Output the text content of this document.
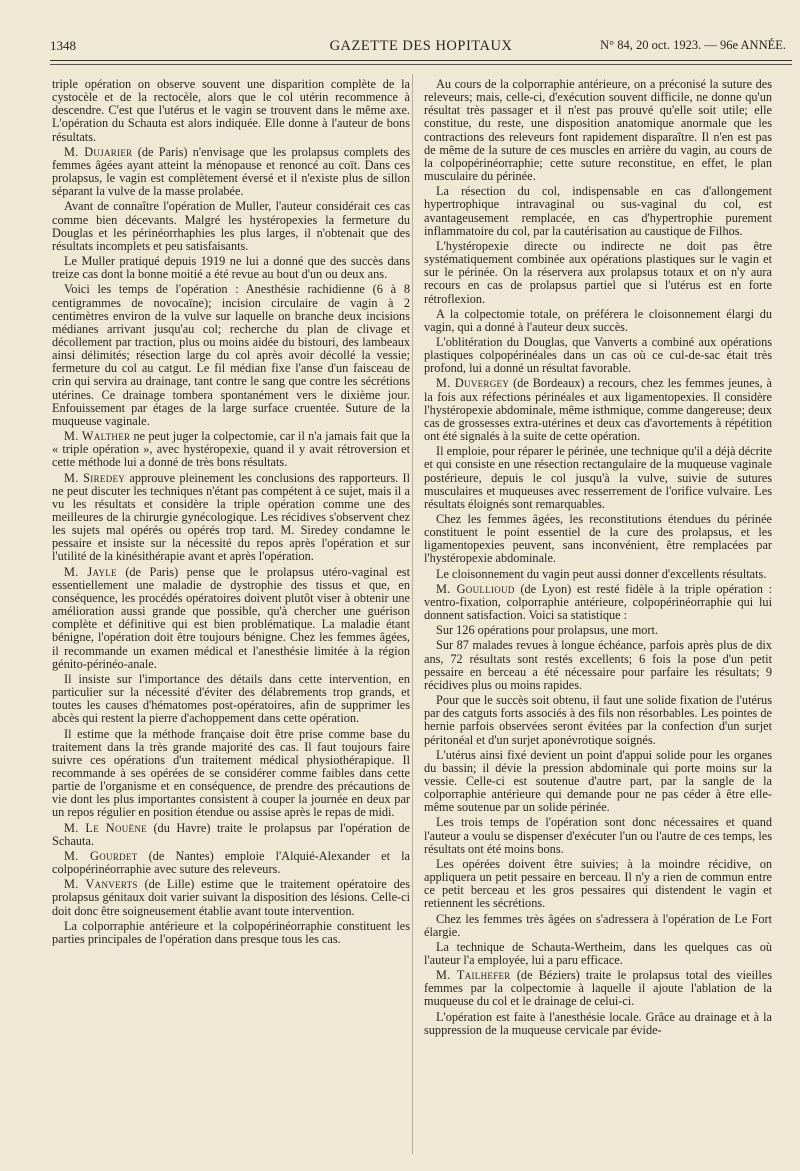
1348	GAZETTE DES HOPITAUX	N° 84, 20 oct. 1923. — 96e ANNÉE.

triple opération on observe souvent une disparition complète de la cystocèle et de la rectocèle, alors que le col utérin recommence à descendre. C'est que l'utérus et le vagin se trouvent dans le même axe. L'opération du Schauta est alors indiquée. Elle donne à l'auteur de bons résultats.

M. Dujarier (de Paris) n'envisage que les prolapsus complets des femmes âgées ayant atteint la ménopause et renoncé au coït. Dans ces prolapsus, le vagin est complètement éversé et il n'existe plus de sillon séparant la vulve de la masse prolabée.

Avant de connaître l'opération de Muller, l'auteur considérait ces cas comme bien décevants. Malgré les hystéropexies la fermeture du Douglas et les périnéorrhaphies les plus larges, il n'obtenait que des résultats incomplets et peu satisfaisants.

Le Muller pratiqué depuis 1919 ne lui a donné que des succès dans treize cas dont la bonne moitié a été revue au bout d'un ou deux ans.

Voici les temps de l'opération : Anesthésie rachidienne (6 à 8 centigrammes de novocaïne); incision circulaire de vagin à 2 centimètres environ de la vulve sur laquelle on branche deux incisions médianes arrivant jusqu'au col; recherche du plan de clivage et décollement par traction, plus ou moins aidée du bistouri, des lambeaux ainsi délimités; résection large du col après avoir décollé la vessie; fermeture du col au catgut. Le fil médian fixe l'anse d'un faisceau de crin qui servira au drainage, tant contre le sang que contre les sécrétions utérines. Ce drainage tombera spontanément vers le dixième jour. Enfouissement par étages de la large surface cruentée. Suture de la muqueuse vaginale.

M. Walther ne peut juger la colpectomie, car il n'a jamais fait que la « triple opération », avec hystéropexie, quand il y avait rétroversion et cette méthode lui a donné de très bons résultats.

M. Siredey approuve pleinement les conclusions des rapporteurs. Il ne peut discuter les techniques n'étant pas compétent à ce sujet, mais il a vu les résultats et considère la triple opération comme une des meilleures de la chirurgie gynécologique. Les récidives s'observent chez les sujets mal opérés ou opérés trop tard. M. Siredey condamne le pessaire et insiste sur la nécessité du repos après l'opération et sur l'utilité de la kinésithérapie avant et après l'opération.

M. Jayle (de Paris) pense que le prolapsus utéro-vaginal est essentiellement une maladie de dystrophie des tissus et que, en conséquence, les procédés opératoires doivent plutôt viser à obtenir une amélioration aussi grande que possible, qu'à chercher une guérison complète et définitive qui est bien problématique. La maladie étant bénigne, l'opération doit être toujours bénigne. Chez les femmes âgées, il recommande un examen médical et l'anesthésie limitée à la région génito-périnéo-anale.

Il insiste sur l'importance des détails dans cette intervention, en particulier sur la nécessité d'éviter des délabrements trop grands, et toutes les causes d'hématomes post-opératoires, afin de supprimer les abcès qui restent la pierre d'achoppement dans cette opération.

Il estime que la méthode française doit être prise comme base du traitement dans la très grande majorité des cas. Il faut toujours faire suivre ces opérations d'un traitement médical physiothérapique. Il recommande à ses opérées de se considérer comme faibles dans cette partie de l'organisme et en conséquence, de prendre des précautions de vie dont les plus importantes consistent à couper la journée en deux par un repos régulier en position étendue ou assise après le repas de midi.

M. Le Nouëne (du Havre) traite le prolapsus par l'opération de Schauta.

M. Gourdet (de Nantes) emploie l'Alquié-Alexander et la colpopérinéorraphie avec suture des releveurs.

M. Vanverts (de Lille) estime que le traitement opératoire des prolapsus génitaux doit varier suivant la disposition des lésions. Celle-ci doit donc être soigneusement établie avant toute intervention.

La colporraphie antérieure et la colpopérinéorraphie constituent les parties principales de l'opération dans presque tous les cas.

Au cours de la colporraphie antérieure, on a préconisé la suture des releveurs; mais, celle-ci, d'exécution souvent difficile, ne donne qu'un résultat très passager et il n'est pas prouvé qu'elle soit utile; elle constitue, du reste, une disposition anatomique anormale que les contractions des releveurs font rapidement disparaître. Il n'en est pas de même de la suture de ces muscles en arrière du vagin, au cours de la colpopérinéorraphie; cette suture reconstitue, en effet, le plan musculaire du périnée.

La résection du col, indispensable en cas d'allongement hypertrophique intravaginal ou sus-vaginal du col, est avantageusement remplacée, en cas d'hypertrophie purement inflammatoire du col, par la cautérisation au caustique de Filhos.

L'hystéropexie directe ou indirecte ne doit pas être systématiquement combinée aux opérations plastiques sur le vagin et sur le périnée. On la réservera aux prolapsus totaux et on n'y aura recours en cas de prolapsus partiel que si l'utérus est en forte rétroflexion.

A la colpectomie totale, on préférera le cloisonnement élargi du vagin, qui a donné à l'auteur deux succès.

L'oblitération du Douglas, que Vanverts a combiné aux opérations plastiques colpopérinéales dans un cas où ce cul-de-sac était très profond, lui a donné un résultat favorable.

M. Duvergey (de Bordeaux) a recours, chez les femmes jeunes, à la fois aux réfections périnéales et aux ligamentopexies. Il considère l'hystéropexie abdominale, même isthmique, comme dangereuse; deux cas de grossesses extra-utérines et deux cas d'avortements à répétition ont été signalés à la suite de cette opération.

Il emploie, pour réparer le périnée, une technique qu'il a déjà décrite et qui consiste en une résection rectangulaire de la muqueuse vaginale postérieure, depuis le col jusqu'à la vulve, suivie de sutures musculaires et muqueuses avec resserrement de l'orifice vulvaire. Les résultats éloignés sont remarquables.

Chez les femmes âgées, les reconstitutions étendues du périnée constituent le point essentiel de la cure des prolapsus, et les ligamentopexies peuvent, sans inconvénient, être remplacées par l'hystéropexie abdominale.

Le cloisonnement du vagin peut aussi donner d'excellents résultats.

M. Goullioud (de Lyon) est resté fidèle à la triple opération : ventro-fixation, colporraphie antérieure, colpopérinéorraphie qui lui donnent satisfaction. Voici sa statistique :

Sur 126 opérations pour prolapsus, une mort.

Sur 87 malades revues à longue échéance, parfois après plus de dix ans, 72 résultats sont restés excellents; 6 fois la pose d'un petit pessaire en berceau a été nécessaire pour parfaire les résultats; 9 récidives plus ou moins rapides.

Pour que le succès soit obtenu, il faut une solide fixation de l'utérus par des catguts forts associés à des fils non résorbables. Les pointes de hernie parfois observées seront évitées par la confection d'un surjet péritonéal et d'un surjet aponévrotique soignés.

L'utérus ainsi fixé devient un point d'appui solide pour les organes du bassin; il dévie la pression abdominale qui porte moins sur la vessie. Celle-ci est soutenue d'autre part, par la sangle de la colporraphie antérieure qui demande pour ne pas céder à être elle-même soutenue par un solide périnée.

Les trois temps de l'opération sont donc nécessaires et quand l'auteur a voulu se dispenser d'exécuter l'un ou l'autre de ces temps, les résultats ont été moins bons.

Les opérées doivent être suivies; à la moindre récidive, on appliquera un petit pessaire en berceau. Il n'y a rien de commun entre ce petit berceau et les gros pessaires qui distendent le vagin et retiennent les sécrétions.

Chez les femmes très âgées on s'adressera à l'opération de Le Fort élargie.

La technique de Schauta-Wertheim, dans les quelques cas où l'auteur l'a employée, lui a paru efficace.

M. Tailhefer (de Béziers) traite le prolapsus total des vieilles femmes par la colpectomie à laquelle il ajoute l'ablation de la muqueuse du col et le drainage de celui-ci.

L'opération est faite à l'anesthésie locale. Grâce au drainage et à la suppression de la muqueuse cervicale par évide-
